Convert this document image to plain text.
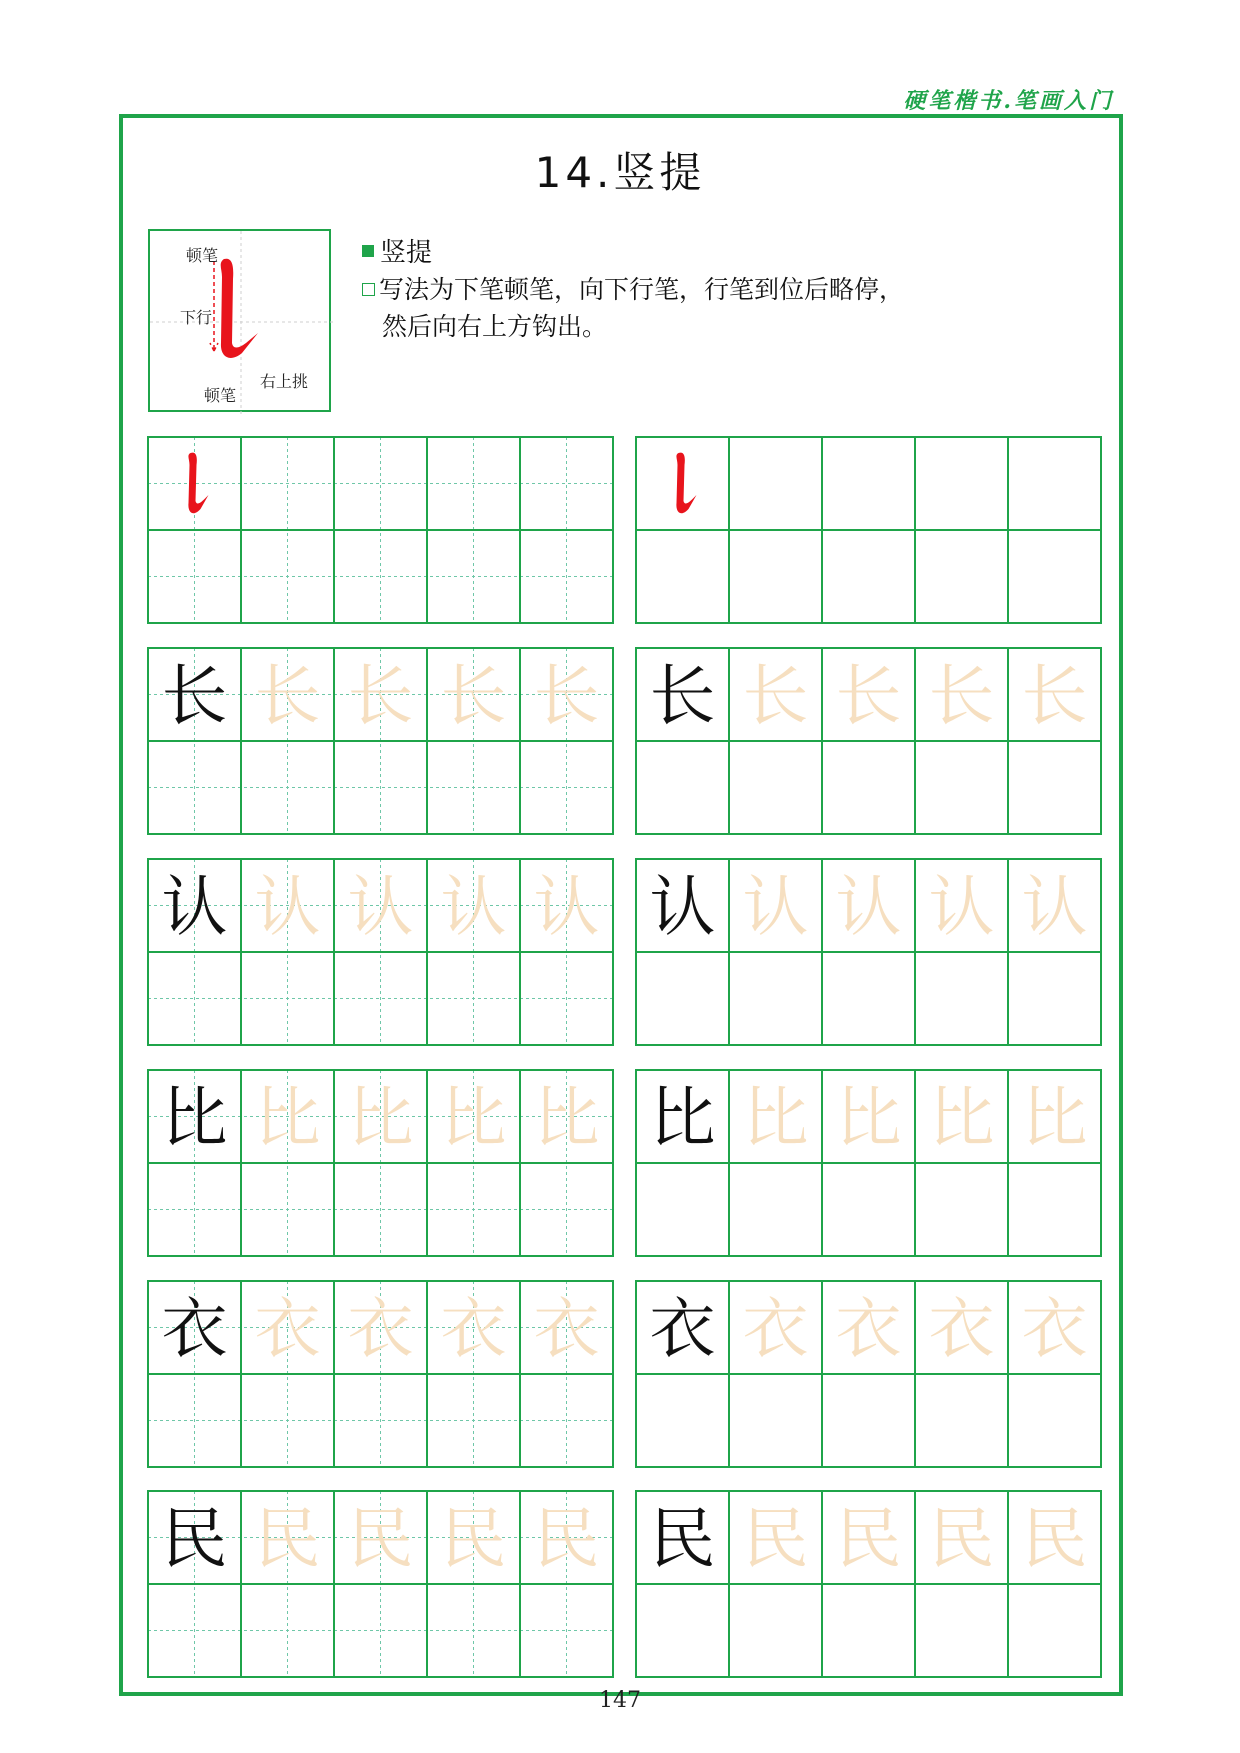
硬笔楷书.笔画入门
14.竖提
顿笔
下行
右上挑
顿笔
竖提
写法为下笔顿笔，向下行笔，行笔到位后略停，
然后向右上方钩出。
长 长 长 长 长 长 长 长 长 长
认 认 认 认 认 认 认 认 认 认
比 比 比 比 比 比 比 比 比 比
衣 衣 衣 衣 衣 衣 衣 衣 衣 衣
民 民 民 民 民 民 民 民 民 民
147
